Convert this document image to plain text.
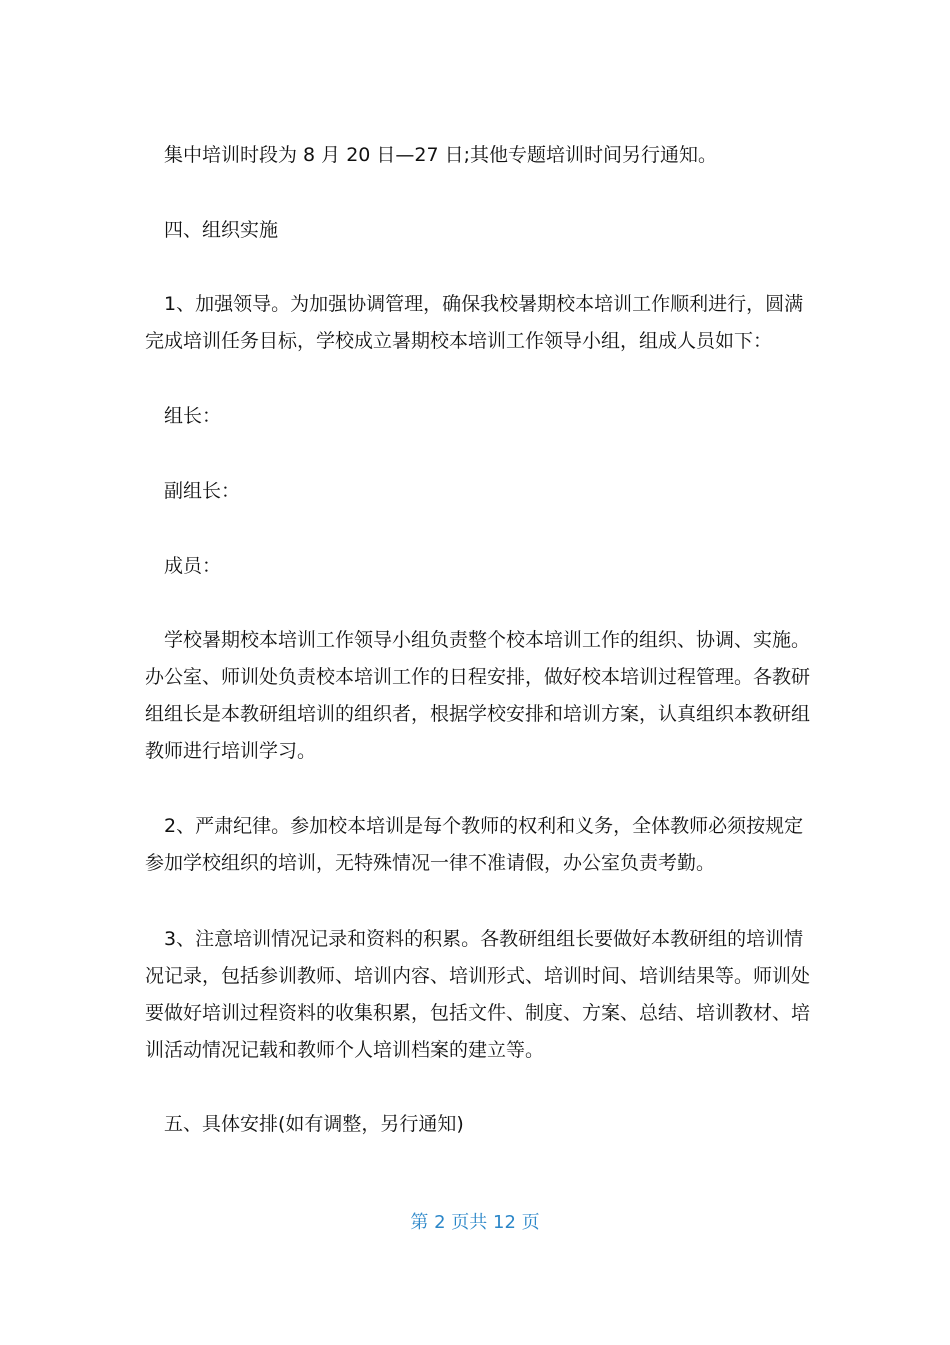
集中培训时段为 8 月 20 日—27 日;其他专题培训时间另行通知。

四、组织实施

1、加强领导。为加强协调管理，确保我校暑期校本培训工作顺利进行，圆满完成培训任务目标，学校成立暑期校本培训工作领导小组，组成人员如下：

组长：

副组长：

成员：

学校暑期校本培训工作领导小组负责整个校本培训工作的组织、协调、实施。办公室、师训处负责校本培训工作的日程安排，做好校本培训过程管理。各教研组组长是本教研组培训的组织者，根据学校安排和培训方案，认真组织本教研组教师进行培训学习。

2、严肃纪律。参加校本培训是每个教师的权利和义务，全体教师必须按规定参加学校组织的培训，无特殊情况一律不准请假，办公室负责考勤。

3、注意培训情况记录和资料的积累。各教研组组长要做好本教研组的培训情况记录，包括参训教师、培训内容、培训形式、培训时间、培训结果等。师训处要做好培训过程资料的收集积累，包括文件、制度、方案、总结、培训教材、培训活动情况记载和教师个人培训档案的建立等。

五、具体安排(如有调整，另行通知)

第 2 页共 12 页
